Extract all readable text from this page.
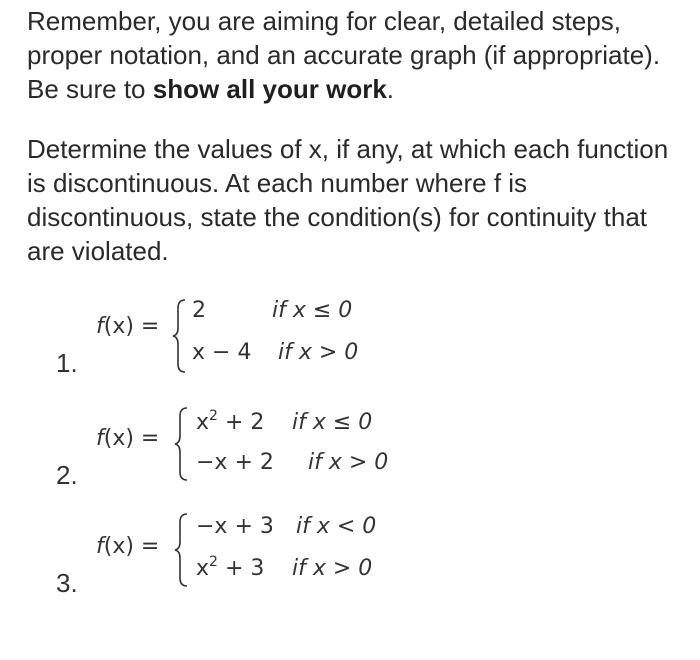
Remember, you are aiming for clear, detailed steps, proper notation, and an accurate graph (if appropriate). Be sure to show all your work.

Determine the values of x, if any, at which each function is discontinuous. At each number where f is discontinuous, state the condition(s) for continuity that are violated.

1.
f(x) =
2	if x ≤ 0
x − 4 if x > 0
2.
f(x) =
$x^2 + 2$ if x ≤ 0
−x + 2 if x > 0
3.
f(x) =
−x + 3 if x < 0
$x^2 + 3$ if x > 0
